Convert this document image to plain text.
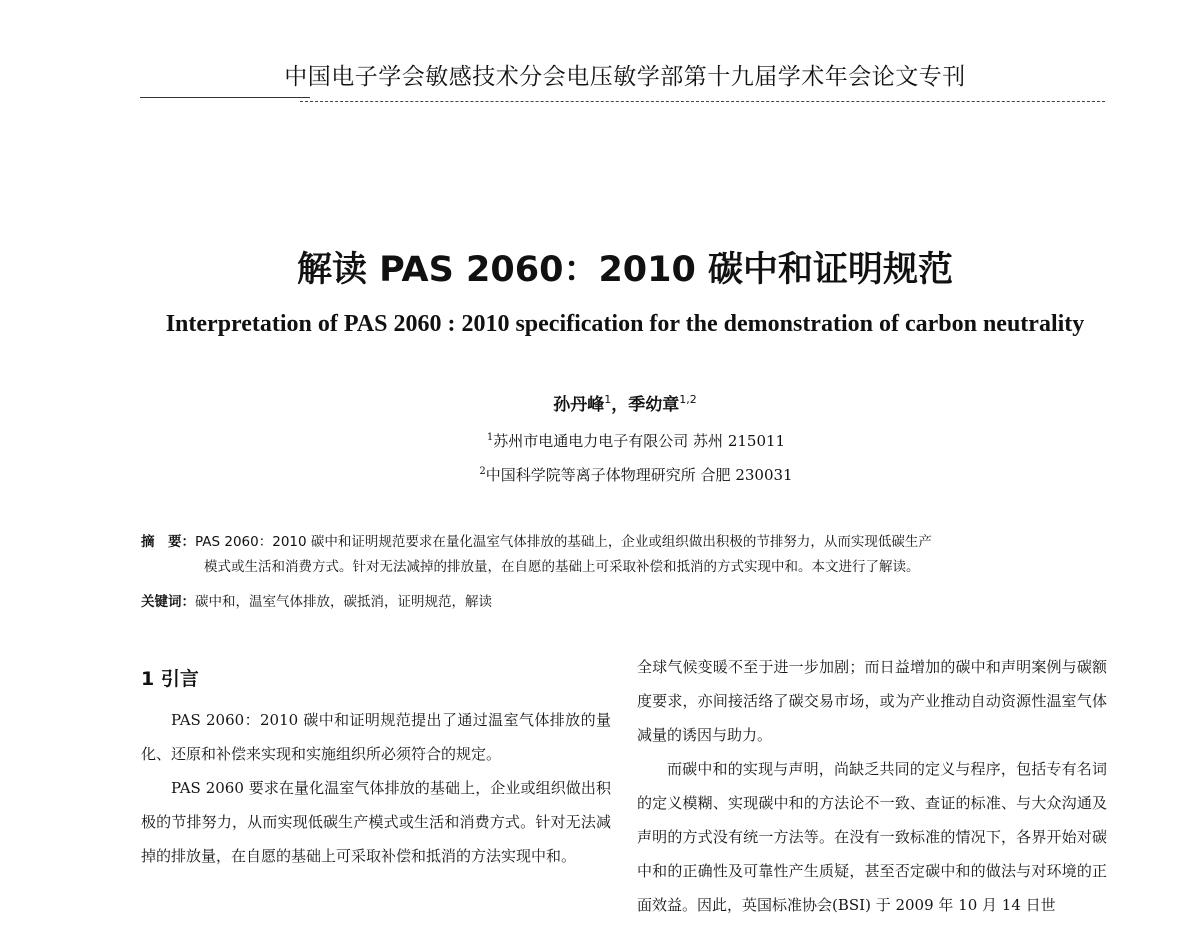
中国电子学会敏感技术分会电压敏学部第十九届学术年会论文专刊
解读 PAS 2060：2010 碳中和证明规范
Interpretation of PAS 2060 : 2010 specification for the demonstration of carbon neutrality
孙丹峰$^1$，季幼章$^{1,2}$
$^1$苏州市电通电力电子有限公司 苏州 215011
$^2$中国科学院等离子体物理研究所 合肥 230031
摘　要：PAS 2060：2010 碳中和证明规范要求在量化温室气体排放的基础上，企业或组织做出积极的节排努力，从而实现低碳生产
模式或生活和消费方式。针对无法减掉的排放量，在自愿的基础上可采取补偿和抵消的方式实现中和。本文进行了解读。
关键词：碳中和，温室气体排放，碳抵消，证明规范，解读
1 引言

PAS 2060：2010 碳中和证明规范提出了通过温室气体排放的量化、还原和补偿来实现和实施组织所必须符合的规定。

PAS 2060 要求在量化温室气体排放的基础上，企业或组织做出积极的节排努力，从而实现低碳生产模式或生活和消费方式。针对无法减掉的排放量，在自愿的基础上可采取补偿和抵消的方法实现中和。

全球气候变暖不至于进一步加剧；而日益增加的碳中和声明案例与碳额度要求，亦间接活络了碳交易市场，或为产业推动自动资源性温室气体减量的诱因与助力。

而碳中和的实现与声明，尚缺乏共同的定义与程序，包括专有名词的定义模糊、实现碳中和的方法论不一致、查证的标准、与大众沟通及声明的方式没有统一方法等。在没有一致标准的情况下，各界开始对碳中和的正确性及可靠性产生质疑，甚至否定碳中和的做法与对环境的正面效益。因此，英国标准协会(BSI) 于 2009 年 10 月 14 日世
